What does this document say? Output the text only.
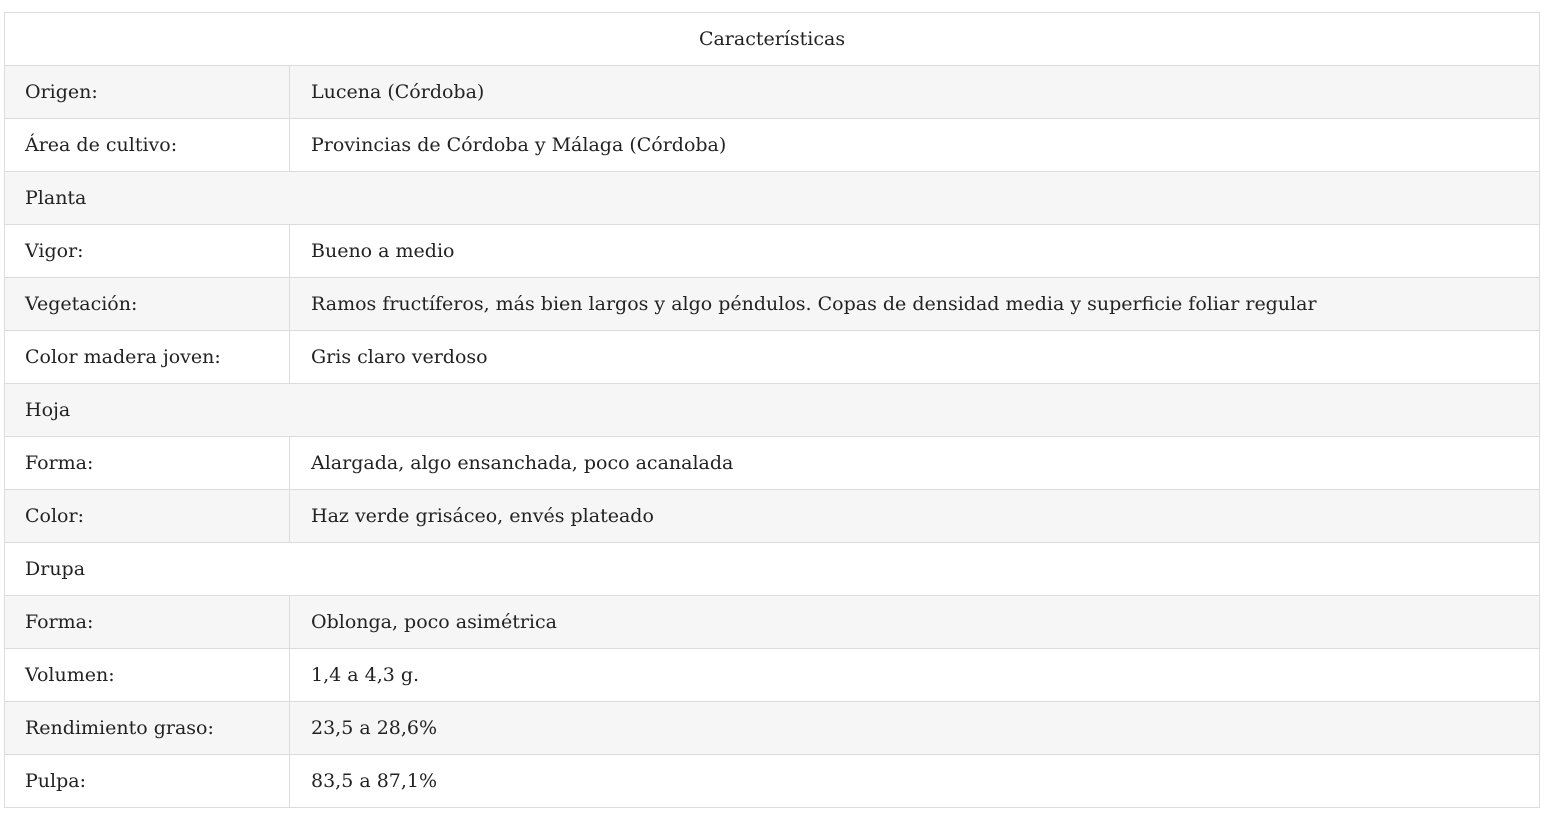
Características	
Origen:	Lucena (Córdoba)
Área de cultivo:	Provincias de Córdoba y Málaga (Córdoba)
Planta	
Vigor:	Bueno a medio
Vegetación:	Ramos fructíferos, más bien largos y algo péndulos. Copas de densidad media y superficie foliar regular
Color madera joven:	Gris claro verdoso
Hoja	
Forma:	Alargada, algo ensanchada, poco acanalada
Color:	Haz verde grisáceo, envés plateado
Drupa	
Forma:	Oblonga, poco asimétrica
Volumen:	1,4 a 4,3 g.
Rendimiento graso:	23,5 a 28,6%
Pulpa:	83,5 a 87,1%
